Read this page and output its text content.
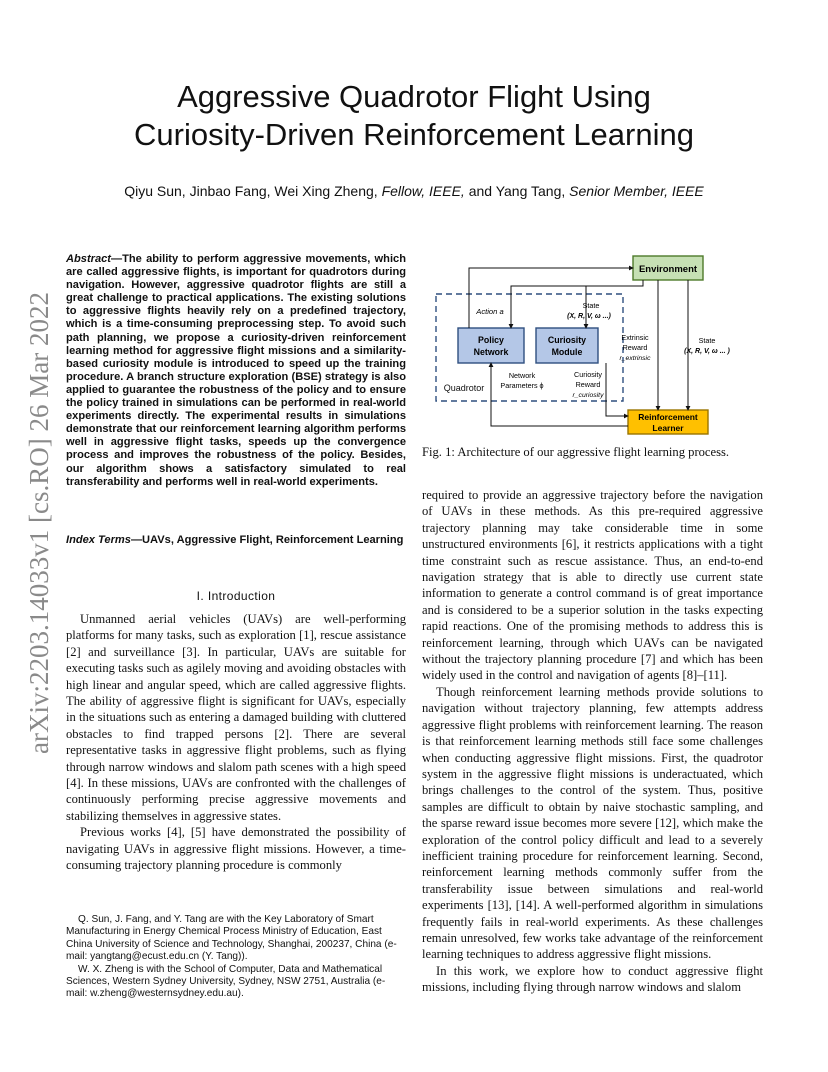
arXiv:2203.14033v1 [cs.RO] 26 Mar 2022
Aggressive Quadrotor Flight Using
Curiosity-Driven Reinforcement Learning
Qiyu Sun, Jinbao Fang, Wei Xing Zheng, Fellow, IEEE, and Yang Tang, Senior Member, IEEE
Abstract—The ability to perform aggressive movements, which are called aggressive flights, is important for quadrotors during navigation. However, aggressive quadrotor flights are still a great challenge to practical applications. The existing solutions to aggressive flights heavily rely on a predefined trajectory, which is a time-consuming preprocessing step. To avoid such path planning, we propose a curiosity-driven reinforcement learning method for aggressive flight missions and a similarity-based curiosity module is introduced to speed up the training procedure. A branch structure exploration (BSE) strategy is also applied to guarantee the robustness of the policy and to ensure the policy trained in simulations can be performed in real-world experiments directly. The experimental results in simulations demonstrate that our reinforcement learning algorithm performs well in aggressive flight tasks, speeds up the convergence process and improves the robustness of the policy. Besides, our algorithm shows a satisfactory simulated to real transferability and performs well in real-world experiments.
Index Terms—UAVs, Aggressive Flight, Reinforcement Learning
I. Introduction

Unmanned aerial vehicles (UAVs) are well-performing platforms for many tasks, such as exploration [1], rescue assistance [2] and surveillance [3]. In particular, UAVs are suitable for executing tasks such as agilely moving and avoiding obstacles with high linear and angular speed, which are called aggressive flights. The ability of aggressive flight is significant for UAVs, especially in the situations such as entering a damaged building with cluttered obstacles to find trapped persons [2]. There are several representative tasks in aggressive flight problems, such as flying through narrow windows and slalom path scenes with a high speed [4]. In these missions, UAVs are confronted with the challenges of continuously performing precise aggressive movements and stabilizing themselves in aggressive states.

Previous works [4], [5] have demonstrated the possibility of navigating UAVs in aggressive flight missions. However, a time-consuming trajectory planning procedure is commonly

Q. Sun, J. Fang, and Y. Tang are with the Key Laboratory of Smart Manufacturing in Energy Chemical Process Ministry of Education, East China University of Science and Technology, Shanghai, 200237, China (e-mail: yangtang@ecust.edu.cn (Y. Tang)).

W. X. Zheng is with the School of Computer, Data and Mathematical Sciences, Western Sydney University, Sydney, NSW 2751, Australia (e-mail: w.zheng@westernsydney.edu.au).

Quadrotor
Environment
Policy
Network
Curiosity
Module
Reinforcement
Learner
Action a
State
(X, R, V, ω ...)
Extrinsic
Reward
r_extrinsic
State
(X, R, V, ω ... )
Network
Parameters ϕ
Curiosity
Reward
r_curiosity
Fig. 1: Architecture of our aggressive flight learning process.

required to provide an aggressive trajectory before the navigation of UAVs in these methods. As this pre-required aggressive trajectory planning may take considerable time in some unstructured environments [6], it restricts applications with a tight time constraint such as rescue assistance. Thus, an end-to-end navigation strategy that is able to directly use current state information to generate a control command is of great importance and is considered to be a superior solution in the tasks expecting rapid reactions. One of the promising methods to address this is reinforcement learning, through which UAVs can be navigated without the trajectory planning procedure [7] and which has been widely used in the control and navigation of agents [8]–[11].

Though reinforcement learning methods provide solutions to navigation without trajectory planning, few attempts address aggressive flight problems with reinforcement learning. The reason is that reinforcement learning methods still face some challenges when conducting aggressive flight missions. First, the quadrotor system in the aggressive flight missions is underactuated, which brings challenges to the control of the system. Thus, positive samples are difficult to obtain by naive stochastic sampling, and the sparse reward issue becomes more severe [12], which make the exploration of the control policy difficult and lead to a severely inefficient training procedure for reinforcement learning. Second, reinforcement learning methods commonly suffer from the transferability issue between simulations and real-world experiments [13], [14]. A well-performed algorithm in simulations frequently fails in real-world experiments. As these challenges remain unresolved, few works take advantage of the reinforcement learning techniques to address aggressive flight missions.

In this work, we explore how to conduct aggressive flight missions, including flying through narrow windows and slalom
